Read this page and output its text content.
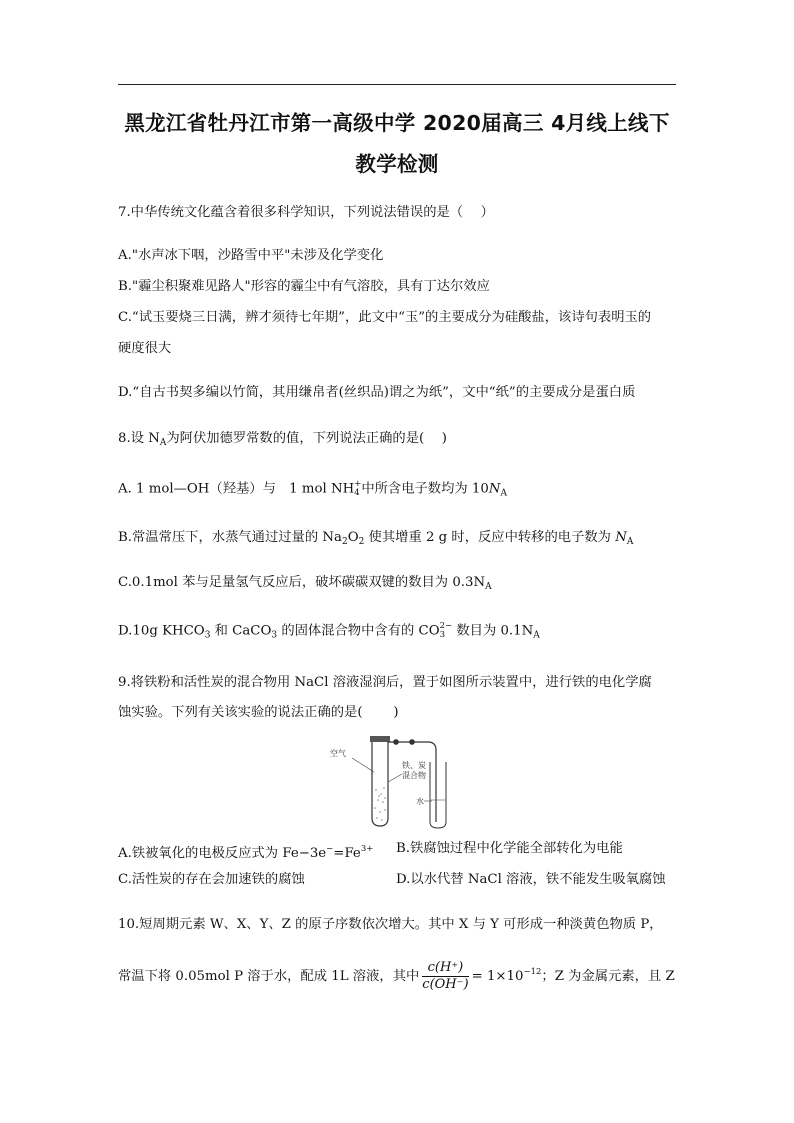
黑龙江省牡丹江市第一高级中学 2020届高三 4月线上线下
教学检测
7.中华传统文化蕴含着很多科学知识，下列说法错误的是（　 ）
A."水声冰下咽，沙路雪中平"未涉及化学变化
B."霾尘积聚难见路人"形容的霾尘中有气溶胶，具有丁达尔效应
C.“试玉要烧三日满，辨才须待七年期”，此文中“玉”的主要成分为硅酸盐，该诗句表明玉的
硬度很大
D.“自古书契多编以竹简，其用缣帛者(丝织品)谓之为纸”，文中“纸”的主要成分是蛋白质
8.设 $N_A$为阿伏加德罗常数的值，下列说法正确的是(　 )
A. 1 mol—OH（羟基）与　1 mol NH +
4 中所含电子数均为 $10N_A$
B.常温常压下，水蒸气通过过量的 $Na_2O_2$ 使其增重 2 g 时，反应中转移的电子数为 $N_A$
C.0.1mol 苯与足量氢气反应后，破坏碳碳双键的数目为 $0.3N_A$
D.10g $KHCO_3$ 和 CaCO$_3$ 的固体混合物中含有的 CO 2−
3 数目为 $0.1N_A$
9.将铁粉和活性炭的混合物用 NaCl 溶液湿润后，置于如图所示装置中，进行铁的电化学腐
蚀实验。下列有关该实验的说法正确的是(　 　)
空气
铁、炭
混合物
水
A.铁被氧化的电极反应式为 $Fe-3e^-=Fe^{3+}$ B.铁腐蚀过程中化学能全部转化为电能
C.活性炭的存在会加速铁的腐蚀	D.以水代替 NaCl 溶液，铁不能发生吸氧腐蚀
10.短周期元素 W、X、Y、Z 的原子序数依次增大。其中 X 与 Y 可形成一种淡黄色物质 P，
常温下将 0.05mol P 溶于水，配成 1L 溶液，其中 $\frac{c(H^+)}{c(OH^-)} = 1\times 10^{-12}$；Z 为金属元素，且 Z
